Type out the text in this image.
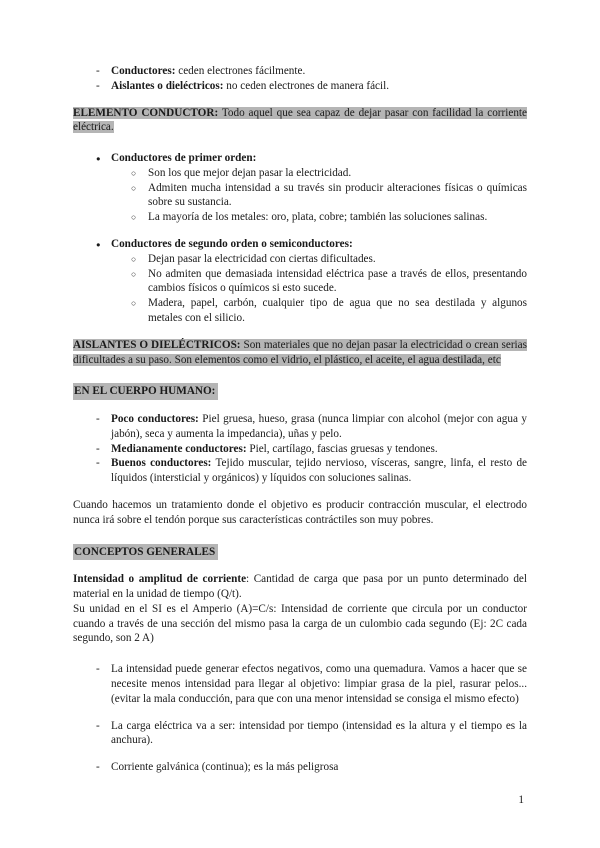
-	Conductores: ceden electrones fácilmente.
-	Aislantes o dieléctricos: no ceden electrones de manera fácil.

ELEMENTO CONDUCTOR: Todo aquel que sea capaz de dejar pasar con facilidad la corriente eléctrica.

● Conductores de primer orden:
○	Son los que mejor dejan pasar la electricidad.
○	Admiten mucha intensidad a su través sin producir alteraciones físicas o químicas sobre su sustancia.
○	La mayoría de los metales: oro, plata, cobre; también las soluciones salinas.
● Conductores de segundo orden o semiconductores:
○	Dejan pasar la electricidad con ciertas dificultades.
○	No admiten que demasiada intensidad eléctrica pase a través de ellos, presentando cambios físicos o químicos si esto sucede.
○	Madera, papel, carbón, cualquier tipo de agua que no sea destilada y algunos metales con el silicio.

AISLANTES O DIELÉCTRICOS: Son materiales que no dejan pasar la electricidad o crean serias dificultades a su paso. Son elementos como el vidrio, el plástico, el aceite, el agua destilada, etc

EN EL CUERPO HUMANO:

-	Poco conductores: Piel gruesa, hueso, grasa (nunca limpiar con alcohol (mejor con agua y jabón), seca y aumenta la impedancia), uñas y pelo.
-	Medianamente conductores: Piel, cartílago, fascias gruesas y tendones.
-	Buenos conductores: Tejido muscular, tejido nervioso, vísceras, sangre, linfa, el resto de líquidos (intersticial y orgánicos) y líquidos con soluciones salinas.

Cuando hacemos un tratamiento donde el objetivo es producir contracción muscular, el electrodo nunca irá sobre el tendón porque sus características contráctiles son muy pobres.

CONCEPTOS GENERALES

Intensidad o amplitud de corriente: Cantidad de carga que pasa por un punto determinado del material en la unidad de tiempo (Q/t).

Su unidad en el SI es el Amperio (A)=C/s: Intensidad de corriente que circula por un conductor cuando a través de una sección del mismo pasa la carga de un culombio cada segundo (Ej: 2C cada segundo, son 2 A)

-	La intensidad puede generar efectos negativos, como una quemadura. Vamos a hacer que se necesite menos intensidad para llegar al objetivo: limpiar grasa de la piel, rasurar pelos... (evitar la mala conducción, para que con una menor intensidad se consiga el mismo efecto)
-	La carga eléctrica va a ser: intensidad por tiempo (intensidad es la altura y el tiempo es la anchura).
-	Corriente galvánica (continua); es la más peligrosa
1
